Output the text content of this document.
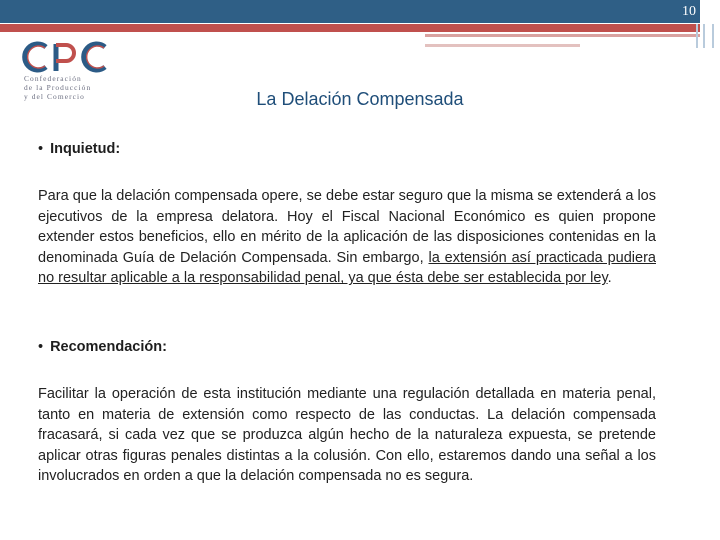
10
Confederación
de la Producción
y del Comercio	La Delación Compensada
• Inquietud:
Para que la delación compensada opere, se debe estar seguro que la misma se extenderá a los ejecutivos de la empresa delatora. Hoy el Fiscal Nacional Económico es quien propone extender estos beneficios, ello en mérito de la aplicación de las disposiciones contenidas en la denominada Guía de Delación Compensada. Sin embargo, la extensión así practicada pudiera no resultar aplicable a la responsabilidad penal, ya que ésta debe ser establecida por ley.
• Recomendación:
Facilitar la operación de esta institución mediante una regulación detallada en materia penal, tanto en materia de extensión como respecto de las conductas. La delación compensada fracasará, si cada vez que se produzca algún hecho de la naturaleza expuesta, se pretende aplicar otras figuras penales distintas a la colusión. Con ello, estaremos dando una señal a los involucrados en orden a que la delación compensada no es segura.
